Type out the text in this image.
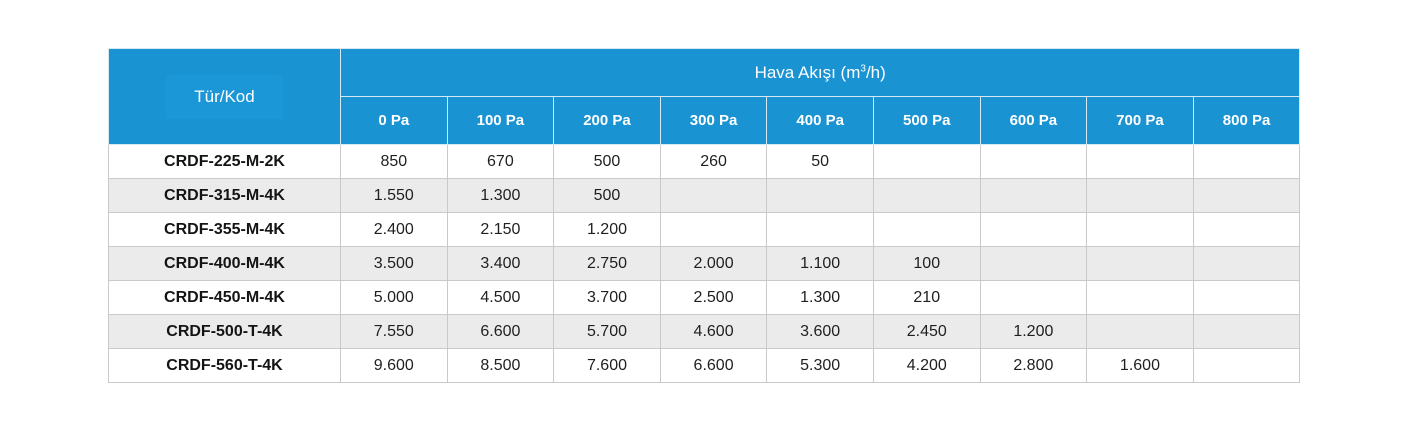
Tür/Kod	Hava Akışı $(m^3/h)$								
	0 Pa	100 Pa	200 Pa	300 Pa	400 Pa	500 Pa	600 Pa	700 Pa	800 Pa
CRDF-225-M-2K	850	670	500	260	50				
CRDF-315-M-4K	1.550	1.300	500						
CRDF-355-M-4K	2.400	2.150	1.200						
CRDF-400-M-4K	3.500	3.400	2.750	2.000	1.100	100			
CRDF-450-M-4K	5.000	4.500	3.700	2.500	1.300	210			
CRDF-500-T-4K	7.550	6.600	5.700	4.600	3.600	2.450	1.200		
CRDF-560-T-4K	9.600	8.500	7.600	6.600	5.300	4.200	2.800	1.600	
